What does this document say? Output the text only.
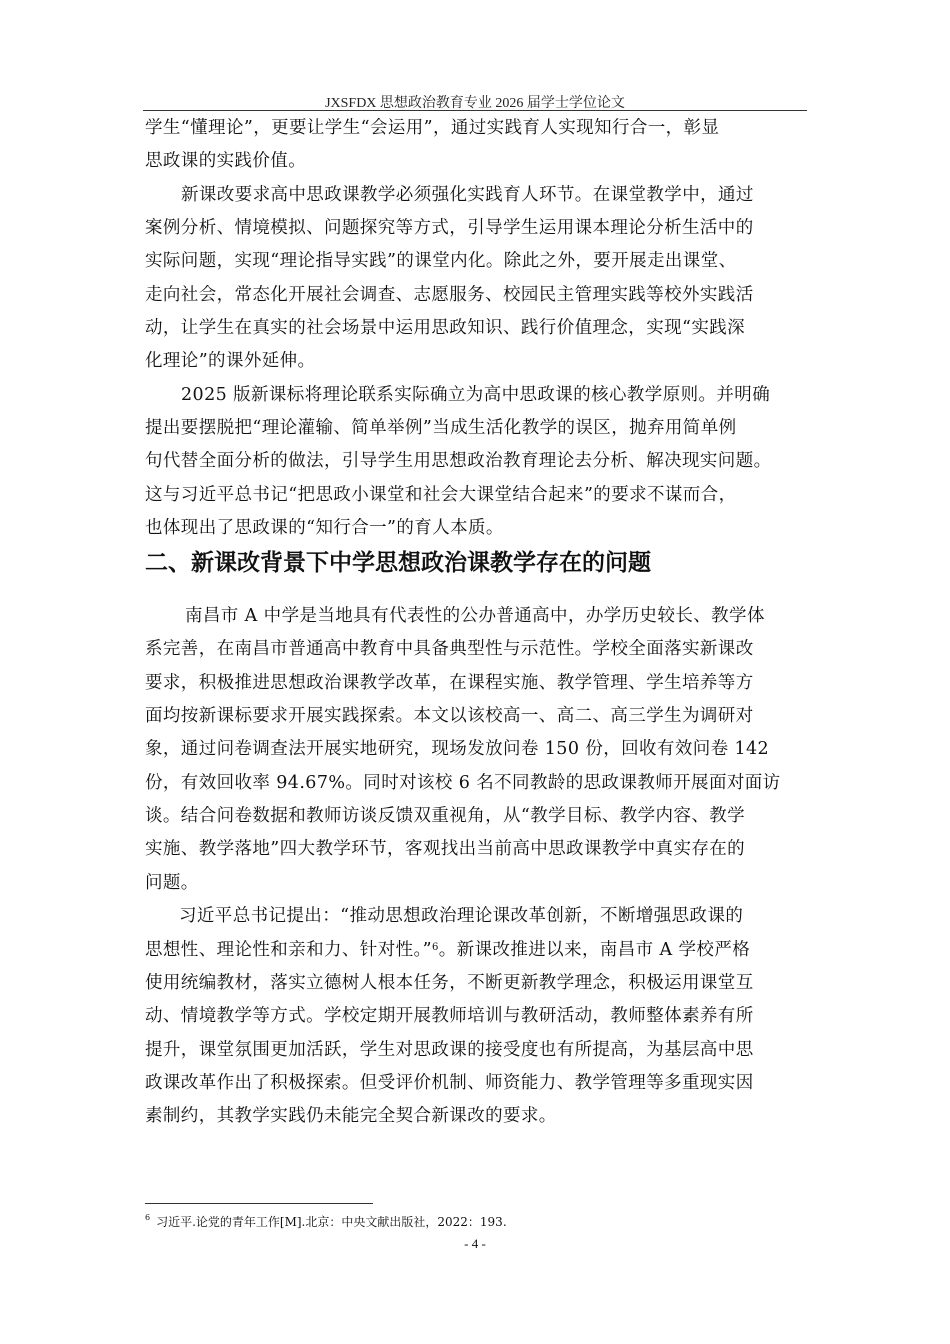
JXSFDX 思想政治教育专业 2026 届学士学位论文
学生“懂理论”，更要让学生“会运用”，通过实践育人实现知行合一，彰显
思政课的实践价值。
新课改要求高中思政课教学必须强化实践育人环节。在课堂教学中，通过
案例分析、情境模拟、问题探究等方式，引导学生运用课本理论分析生活中的
实际问题，实现“理论指导实践”的课堂内化。除此之外，要开展走出课堂、
走向社会，常态化开展社会调查、志愿服务、校园民主管理实践等校外实践活
动，让学生在真实的社会场景中运用思政知识、践行价值理念，实现“实践深
化理论”的课外延伸。
2025 版新课标将理论联系实际确立为高中思政课的核心教学原则。并明确
提出要摆脱把“理论灌输、简单举例”当成生活化教学的误区，抛弃用简单例
句代替全面分析的做法，引导学生用思想政治教育理论去分析、解决现实问题。
这与习近平总书记“把思政小课堂和社会大课堂结合起来”的要求不谋而合，
也体现出了思政课的“知行合一”的育人本质。
二、新课改背景下中学思想政治课教学存在的问题
南昌市 A 中学是当地具有代表性的公办普通高中，办学历史较长、教学体
系完善，在南昌市普通高中教育中具备典型性与示范性。学校全面落实新课改
要求，积极推进思想政治课教学改革，在课程实施、教学管理、学生培养等方
面均按新课标要求开展实践探索。本文以该校高一、高二、高三学生为调研对
象，通过问卷调查法开展实地研究，现场发放问卷 150 份，回收有效问卷 142
份，有效回收率 94.67%。同时对该校 6 名不同教龄的思政课教师开展面对面访
谈。结合问卷数据和教师访谈反馈双重视角，从“教学目标、教学内容、教学
实施、教学落地”四大教学环节，客观找出当前高中思政课教学中真实存在的
问题。
习近平总书记提出：“推动思想政治理论课改革创新，不断增强思政课的
思想性、理论性和亲和力、针对性。”$^6$。新课改推进以来，南昌市 A 学校严格
使用统编教材，落实立德树人根本任务，不断更新教学理念，积极运用课堂互
动、情境教学等方式。学校定期开展教师培训与教研活动，教师整体素养有所
提升，课堂氛围更加活跃，学生对思政课的接受度也有所提高，为基层高中思
政课改革作出了积极探索。但受评价机制、师资能力、教学管理等多重现实因
素制约，其教学实践仍未能完全契合新课改的要求。
$^6$ 习近平.论党的青年工作[M].北京：中央文献出版社，2022：193.
- 4 -
